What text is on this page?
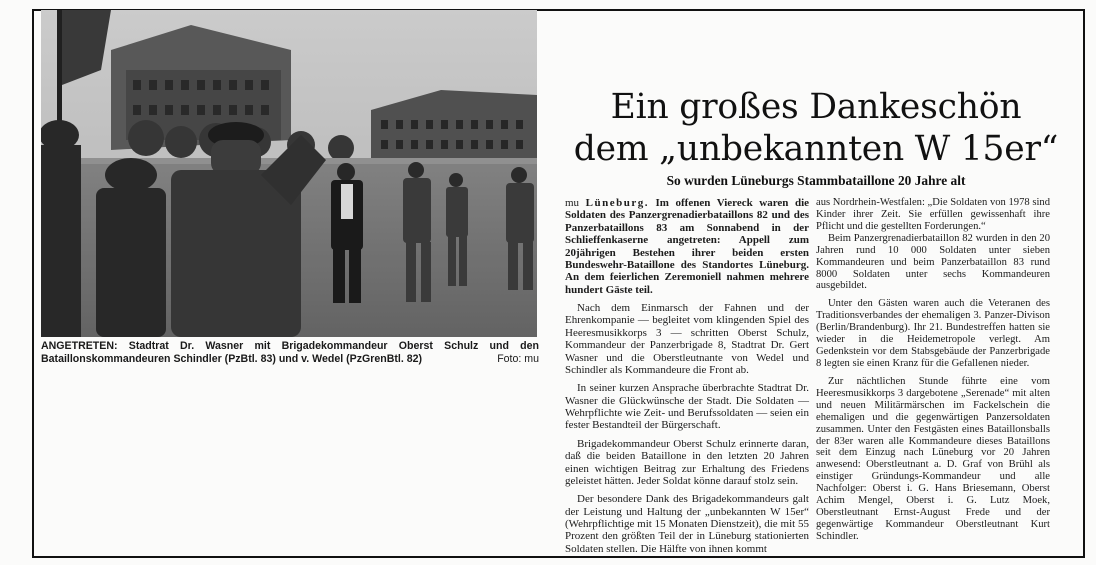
ANGETRETEN: Stadtrat Dr. Wasner mit Brigadekommandeur Oberst Schulz und den Bataillonskommandeuren Schindler (PzBtl. 83) und v. Wedel (PzGrenBtl. 82)	Foto: mu
Ein großes Dankeschön
dem „unbekannten W 15er“
So wurden Lüneburgs Stammbataillone 20 Jahre alt

mu Lüneburg. Im offenen Viereck waren die Soldaten des Panzergrenadierbataillons 82 und des Panzerbataillons 83 am Sonnabend in der Schlieffenkaserne angetreten: Appell zum 20jährigen Bestehen ihrer beiden ersten Bundeswehr-Bataillone des Standortes Lüneburg. An dem feierlichen Zeremoniell nahmen mehrere hundert Gäste teil.

Nach dem Einmarsch der Fahnen und der Ehrenkompanie — begleitet vom klingenden Spiel des Heeresmusikkorps 3 — schritten Oberst Schulz, Kommandeur der Panzerbrigade 8, Stadtrat Dr. Gert Wasner und die Oberstleutnante von Wedel und Schindler als Kommandeure die Front ab.

In seiner kurzen Ansprache überbrachte Stadtrat Dr. Wasner die Glückwünsche der Stadt. Die Soldaten — Wehrpflichte wie Zeit- und Berufssoldaten — seien ein fester Bestandteil der Bürgerschaft.

Brigadekommandeur Oberst Schulz erinnerte daran, daß die beiden Bataillone in den letzten 20 Jahren einen wichtigen Beitrag zur Erhaltung des Friedens geleistet hätten. Jeder Soldat könne darauf stolz sein.

Der besondere Dank des Brigadekommandeurs galt der Leistung und Haltung der „unbekannten W 15er“ (Wehrpflichtige mit 15 Monaten Dienstzeit), die mit 55 Prozent den größten Teil der in Lüneburg stationierten Soldaten stellen. Die Hälfte von ihnen kommt

aus Nordrhein-Westfalen: „Die Soldaten von 1978 sind Kinder ihrer Zeit. Sie erfüllen gewissenhaft ihre Pflicht und die gestellten Forderungen.“

Beim Panzergrenadierbataillon 82 wurden in den 20 Jahren rund 10 000 Soldaten unter sieben Kommandeuren und beim Panzerbataillon 83 rund 8000 Soldaten unter sechs Kommandeuren ausgebildet.

Unter den Gästen waren auch die Veteranen des Traditionsverbandes der ehemaligen 3. Panzer-Divison (Berlin/Brandenburg). Ihr 21. Bundestreffen hatten sie wieder in die Heidemetropole verlegt. Am Gedenkstein vor dem Stabsgebäude der Panzerbrigade 8 legten sie einen Kranz für die Gefallenen nieder.

Zur nächtlichen Stunde führte eine vom Heeresmusikkorps 3 dargebotene „Serenade“ mit alten und neuen Militärmärschen im Fackelschein die ehemaligen und die gegenwärtigen Panzersoldaten zusammen. Unter den Festgästen eines Bataillonsballs der 83er waren alle Kommandeure dieses Bataillons seit dem Einzug nach Lüneburg vor 20 Jahren anwesend: Oberstleutnant a. D. Graf von Brühl als einstiger Gründungs-Kommandeur und alle Nachfolger: Oberst i. G. Hans Briesemann, Oberst Achim Mengel, Oberst i. G. Lutz Moek, Oberstleutnant Ernst-August Frede und der gegenwärtige Kommandeur Oberstleutnant Kurt Schindler.
